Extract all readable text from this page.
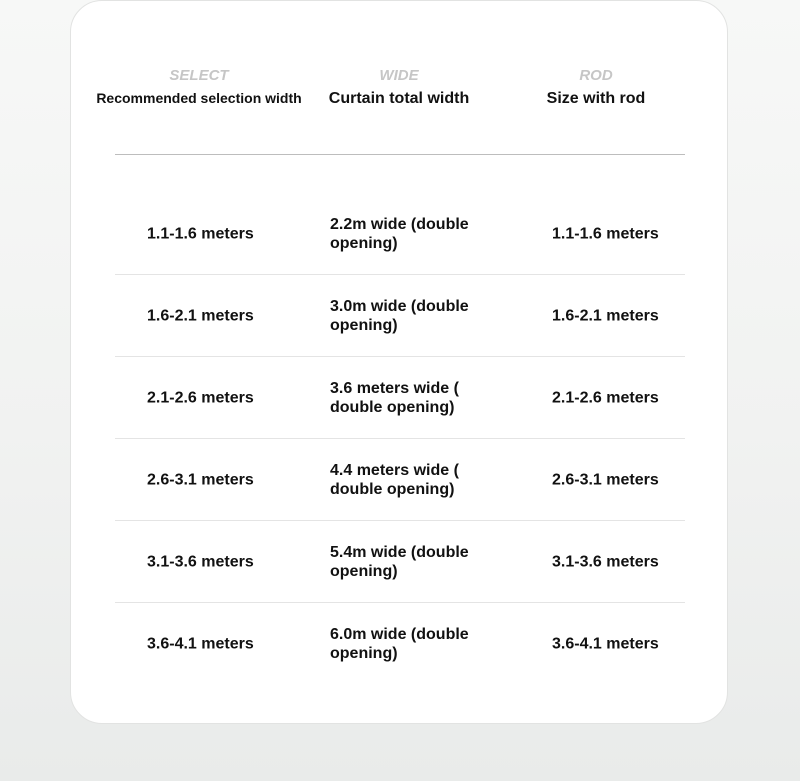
SELECT
Recommended selection width
WIDE
Curtain total width
ROD
Size with rod
1.1-1.6 meters
2.2m wide (double opening)
1.1-1.6 meters
1.6-2.1 meters
3.0m wide (double opening)
1.6-2.1 meters
2.1-2.6 meters
3.6 meters wide ( double opening)
2.1-2.6 meters
2.6-3.1 meters
4.4 meters wide ( double opening)
2.6-3.1 meters
3.1-3.6 meters
5.4m wide (double opening)
3.1-3.6 meters
3.6-4.1 meters
6.0m wide (double opening)
3.6-4.1 meters
